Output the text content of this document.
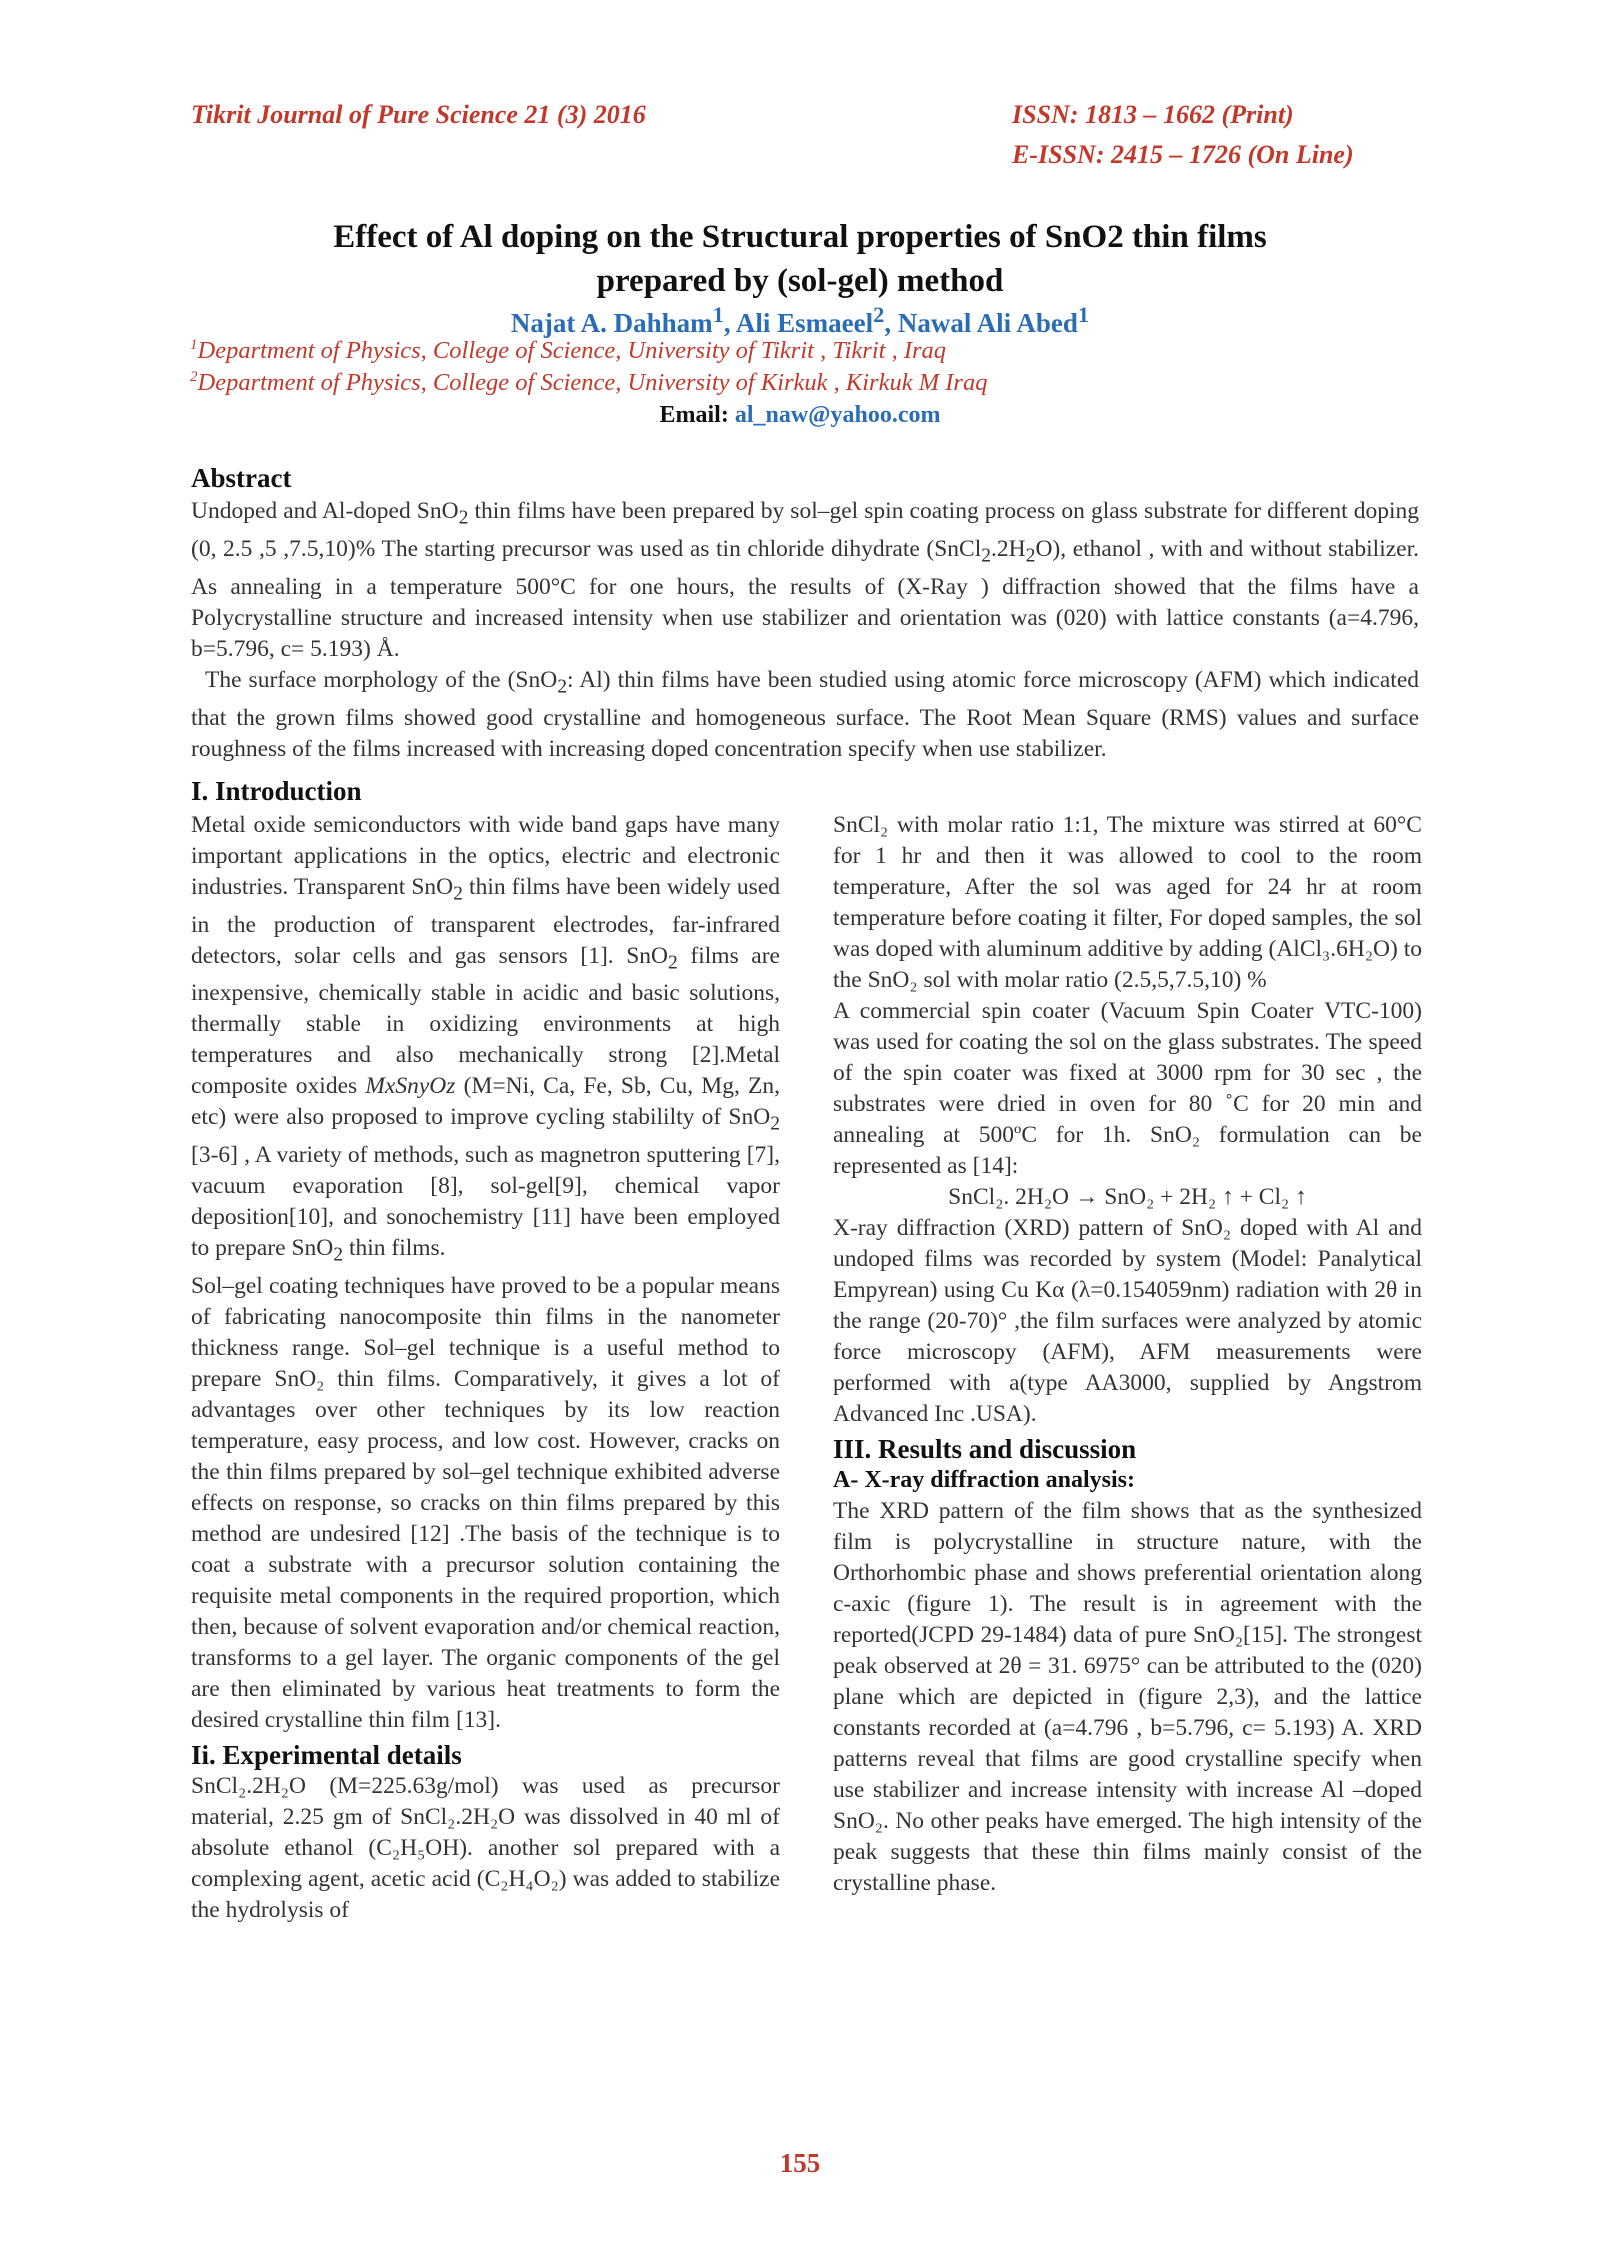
Tikrit Journal of Pure Science 21 (3) 2016	ISSN: 1813 – 1662 (Print)
E-ISSN: 2415 – 1726 (On Line)
Effect of Al doping on the Structural properties of SnO2 thin films
prepared by (sol-gel) method
Najat A. Dahham$^1$, Ali Esmaeel$^2$, Nawal Ali Abed$^1$
$^1$Department of Physics, College of Science, University of Tikrit , Tikrit , Iraq
$^2$Department of Physics, College of Science, University of Kirkuk , Kirkuk M Iraq
Email: al_naw@yahoo.com
Abstract
Undoped and Al-doped SnO$_2$ thin films have been prepared by sol–gel spin coating process on glass substrate for different doping (0, 2.5 ,5 ,7.5,10)% The starting precursor was used as tin chloride dihydrate $(SnCl_2.2H_2O)$, ethanol , with and without stabilizer. As annealing in a temperature 500°C for one hours, the results of (X-Ray ) diffraction showed that the films have a Polycrystalline structure and increased intensity when use stabilizer and orientation was (020) with lattice constants (a=4.796, b=5.796, c= 5.193) Å.
The surface morphology of the (SnO$_2$: Al) thin films have been studied using atomic force microscopy (AFM) which indicated that the grown films showed good crystalline and homogeneous surface. The Root Mean Square (RMS) values and surface roughness of the films increased with increasing doped concentration specify when use stabilizer.
I. Introduction

Metal oxide semiconductors with wide band gaps have many important applications in the optics, electric and electronic industries. Transparent SnO$_2$ thin films have been widely used in the production of transparent electrodes, far-infrared detectors, solar cells and gas sensors [1]. SnO$_2$ films are inexpensive, chemically stable in acidic and basic solutions, thermally stable in oxidizing environments at high temperatures and also mechanically strong [2].Metal composite oxides MxSnyOz (M=Ni, Ca, Fe, Sb, Cu, Mg, Zn, etc) were also proposed to improve cycling stabililty of SnO$_2$ [3-6] , A variety of methods, such as magnetron sputtering [7], vacuum evaporation [8], sol-gel[9], chemical vapor deposition[10], and sonochemistry [11] have been employed to prepare SnO$_2$ thin films.

Sol–gel coating techniques have proved to be a popular means of fabricating nanocomposite thin films in the nanometer thickness range. Sol–gel technique is a useful method to prepare SnO₂ thin films. Comparatively, it gives a lot of advantages over other techniques by its low reaction temperature, easy process, and low cost. However, cracks on the thin films prepared by sol–gel technique exhibited adverse effects on response, so cracks on thin films prepared by this method are undesired [12] .The basis of the technique is to coat a substrate with a precursor solution containing the requisite metal components in the required proportion, which then, because of solvent evaporation and/or chemical reaction, transforms to a gel layer. The organic components of the gel are then eliminated by various heat treatments to form the desired crystalline thin film [13].

Ii. Experimental details

SnCl₂.2H₂O (M=225.63g/mol) was used as precursor material, 2.25 gm of SnCl₂.2H₂O was dissolved in 40 ml of absolute ethanol (C₂H₅OH). another sol prepared with a complexing agent, acetic acid (C₂H₄O₂) was added to stabilize the hydrolysis of

SnCl₂ with molar ratio 1:1, The mixture was stirred at 60°C for 1 hr and then it was allowed to cool to the room temperature, After the sol was aged for 24 hr at room temperature before coating it filter, For doped samples, the sol was doped with aluminum additive by adding (AlCl₃.6H₂O) to the SnO₂ sol with molar ratio (2.5,5,7.5,10) %

A commercial spin coater (Vacuum Spin Coater VTC-100) was used for coating the sol on the glass substrates. The speed of the spin coater was fixed at 3000 rpm for 30 sec , the substrates were dried in oven for 80 ˚C for 20 min and annealing at 500ºC for 1h. SnO₂ formulation can be represented as [14]:

SnCl₂. 2H₂O → SnO₂ + 2H₂ ↑ + Cl₂ ↑

X-ray diffraction (XRD) pattern of SnO₂ doped with Al and undoped films was recorded by system (Model: Panalytical Empyrean) using Cu Kα (λ=0.154059nm) radiation with 2θ in the range (20-70)° ,the film surfaces were analyzed by atomic force microscopy (AFM), AFM measurements were performed with a(type AA3000, supplied by Angstrom Advanced Inc .USA).

III. Results and discussion
A- X-ray diffraction analysis:

The XRD pattern of the film shows that as the synthesized film is polycrystalline in structure nature, with the Orthorhombic phase and shows preferential orientation along c-axic (figure 1). The result is in agreement with the reported(JCPD 29-1484) data of pure SnO₂[15]. The strongest peak observed at 2θ = 31. 6975° can be attributed to the (020) plane which are depicted in (figure 2,3), and the lattice constants recorded at (a=4.796 , b=5.796, c= 5.193) A. XRD patterns reveal that films are good crystalline specify when use stabilizer and increase intensity with increase Al –doped SnO₂. No other peaks have emerged. The high intensity of the peak suggests that these thin films mainly consist of the crystalline phase.

155
